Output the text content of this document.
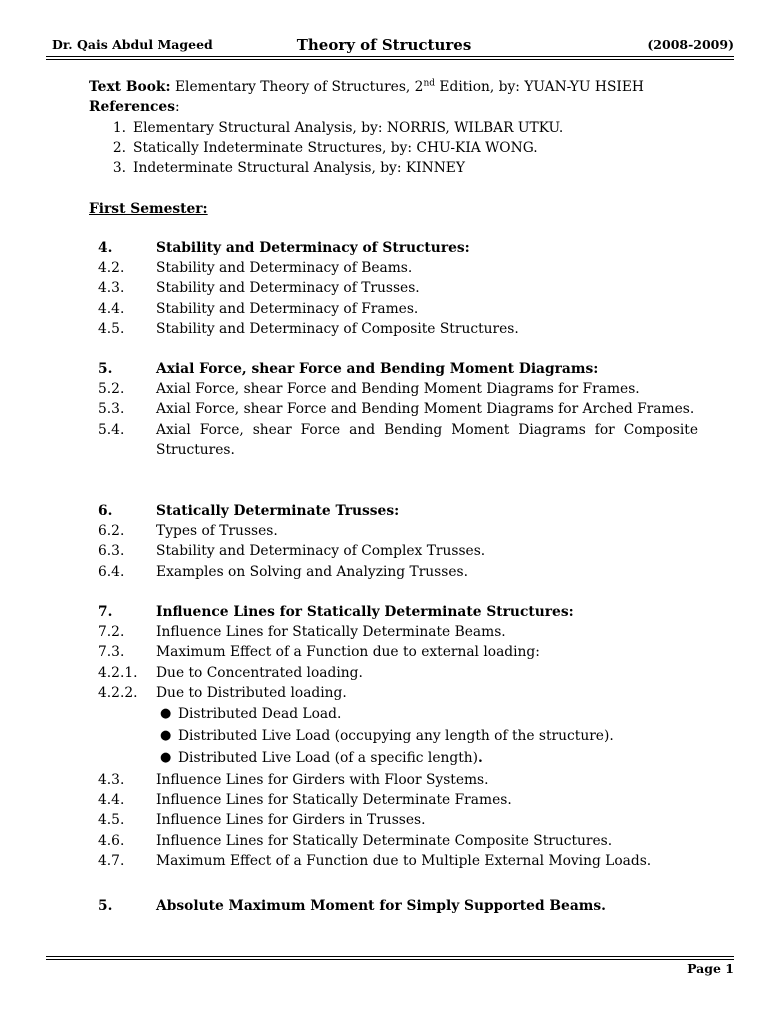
Dr. Qais Abdul Mageed	Theory of Structures	(2008-2009)
Text Book: Elementary Theory of Structures, 2nd Edition, by: YUAN-YU HSIEH
References:
1. Elementary Structural Analysis, by: NORRIS, WILBAR UTKU.
2. Statically Indeterminate Structures, by: CHU-KIA WONG.
3. Indeterminate Structural Analysis, by: KINNEY
First Semester:
4.	Stability and Determinacy of Structures:
4.2.	Stability and Determinacy of Beams.
4.3.	Stability and Determinacy of Trusses.
4.4.	Stability and Determinacy of Frames.
4.5.	Stability and Determinacy of Composite Structures.
5.	Axial Force, shear Force and Bending Moment Diagrams:
5.2.	Axial Force, shear Force and Bending Moment Diagrams for Frames.
5.3.	Axial Force, shear Force and Bending Moment Diagrams for Arched Frames.
5.4.	Axial Force, shear Force and Bending Moment Diagrams for Composite Structures.
6.	Statically Determinate Trusses:
6.2.	Types of Trusses.
6.3.	Stability and Determinacy of Complex Trusses.
6.4.	Examples on Solving and Analyzing Trusses.
7.	Influence Lines for Statically Determinate Structures:
7.2.	Influence Lines for Statically Determinate Beams.
7.3.	Maximum Effect of a Function due to external loading:
4.2.1.	Due to Concentrated loading.
4.2.2.	Due to Distributed loading.
● Distributed Dead Load.
● Distributed Live Load (occupying any length of the structure).
● Distributed Live Load (of a specific length).
4.3.	Influence Lines for Girders with Floor Systems.
4.4.	Influence Lines for Statically Determinate Frames.
4.5.	Influence Lines for Girders in Trusses.
4.6.	Influence Lines for Statically Determinate Composite Structures.
4.7.	Maximum Effect of a Function due to Multiple External Moving Loads.
5.	Absolute Maximum Moment for Simply Supported Beams.
Page 1
